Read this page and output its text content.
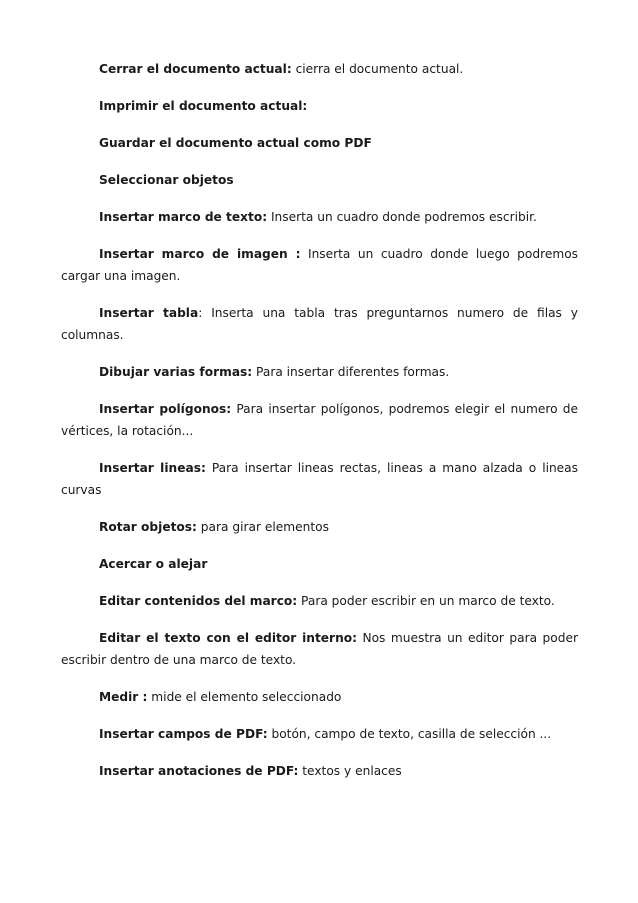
Cerrar el documento actual: cierra el documento actual.

Imprimir el documento actual:

Guardar el documento actual como PDF

Seleccionar objetos

Insertar marco de texto: Inserta un cuadro donde podremos escribir.

Insertar marco de imagen : Inserta un cuadro donde luego podremos cargar una imagen.

Insertar tabla: Inserta una tabla tras preguntarnos numero de filas y columnas.

Dibujar varias formas: Para insertar diferentes formas.

Insertar polígonos: Para insertar polígonos, podremos elegir el numero de vértices, la rotación...

Insertar lineas: Para insertar lineas rectas, lineas a mano alzada o lineas curvas

Rotar objetos: para girar elementos

Acercar o alejar

Editar contenidos del marco: Para poder escribir en un marco de texto.

Editar el texto con el editor interno: Nos muestra un editor para poder escribir dentro de una marco de texto.

Medir : mide el elemento seleccionado

Insertar campos de PDF: botón, campo de texto, casilla de selección ...

Insertar anotaciones de PDF: textos y enlaces
